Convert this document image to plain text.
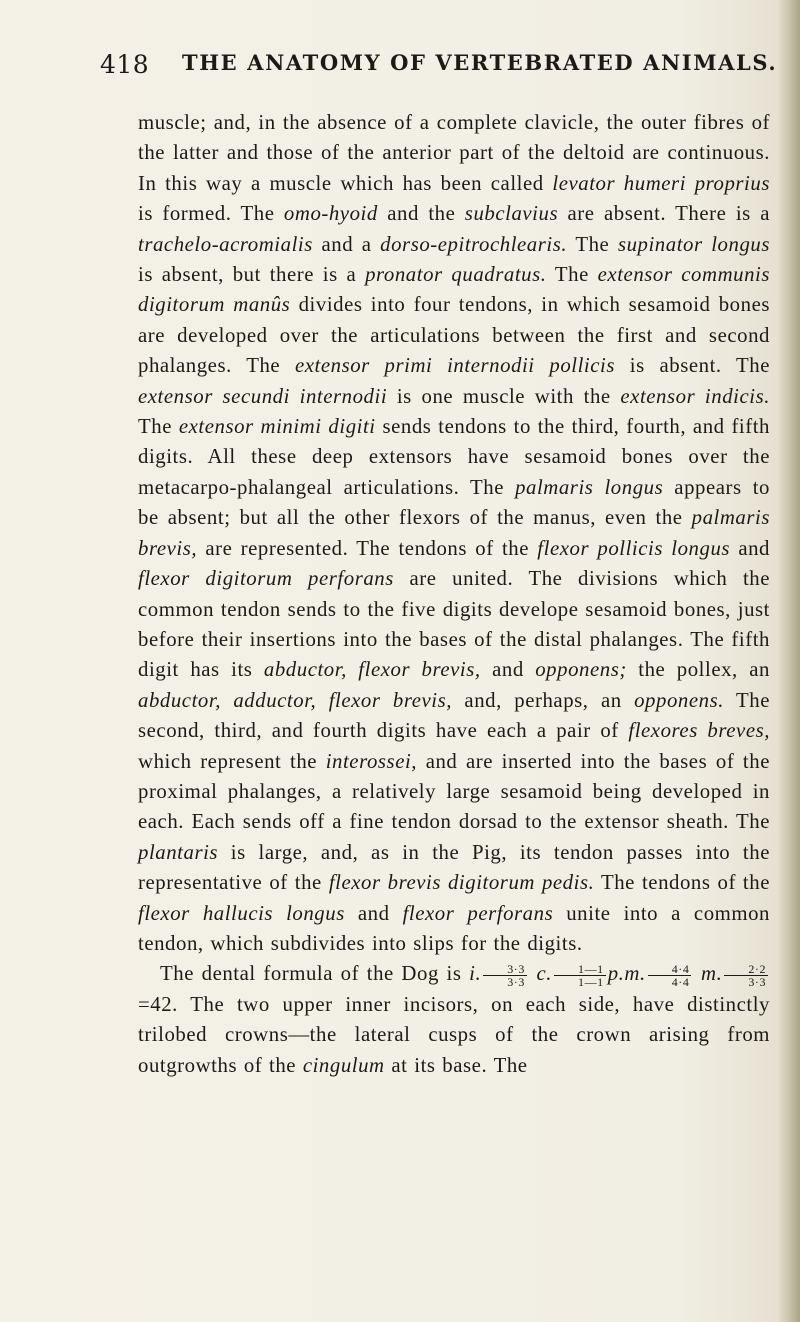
418 THE ANATOMY OF VERTEBRATED ANIMALS.

muscle; and, in the absence of a complete clavicle, the outer fibres of the latter and those of the anterior part of the deltoid are continuous. In this way a muscle which has been called levator humeri proprius is formed. The omo-hyoid and the subclavius are absent. There is a trachelo-acromialis and a dorso-epitrochlearis. The supinator longus is absent, but there is a pronator quadratus. The extensor communis digitorum manûs divides into four tendons, in which sesamoid bones are developed over the articulations between the first and second phalanges. The extensor primi internodii pollicis is absent. The extensor secundi internodii is one muscle with the extensor indicis. The extensor minimi digiti sends tendons to the third, fourth, and fifth digits. All these deep extensors have sesamoid bones over the metacarpo-phalangeal articulations. The palmaris longus appears to be absent; but all the other flexors of the manus, even the palmaris brevis, are represented. The tendons of the flexor pollicis longus and flexor digitorum perforans are united. The divisions which the common tendon sends to the five digits develope sesamoid bones, just before their insertions into the bases of the distal phalanges. The fifth digit has its abductor, flexor brevis, and opponens; the pollex, an abductor, adductor, flexor brevis, and, perhaps, an opponens. The second, third, and fourth digits have each a pair of flexores breves, which represent the interossei, and are inserted into the bases of the proximal phalanges, a relatively large sesamoid being developed in each. Each sends off a fine tendon dorsad to the extensor sheath. The plantaris is large, and, as in the Pig, its tendon passes into the representative of the flexor brevis digitorum pedis. The tendons of the flexor hallucis longus and flexor perforans unite into a common tendon, which subdivides into slips for the digits.

The dental formula of the Dog is i. $\frac{3\cdot 3}{3\cdot 3} c$. $\frac{1—1}{1—1} p.m$. $\frac{4\cdot 4}{4\cdot 4} m$. $\frac{2\cdot 2}{3\cdot 3}$
=42. The two upper inner incisors, on each side, have distinctly trilobed crowns—the lateral cusps of the crown arising from outgrowths of the cingulum at its base. The
